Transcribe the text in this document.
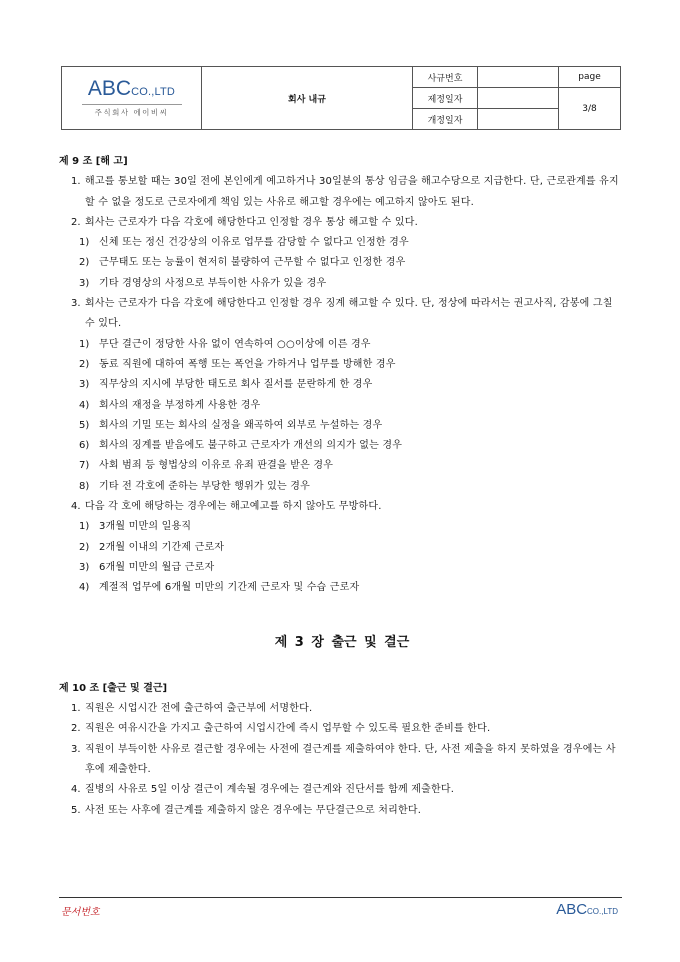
ABCCO.,LTD
주식회사 에이비씨	회사 내규	사규번호		page
		제정일자		3/8
		개정일자		

제 9 조 [해 고]

1. 해고를 통보할 때는 30일 전에 본인에게 예고하거나 30일분의 통상 임금을 해고수당으로 지급한다. 단, 근로관계를 유지할 수 없을 정도로 근로자에게 책임 있는 사유로 해고할 경우에는 예고하지 않아도 된다.
2. 회사는 근로자가 다음 각호에 해당한다고 인정할 경우 통상 해고할 수 있다.
1) 신체 또는 정신 건강상의 이유로 업무를 감당할 수 없다고 인정한 경우
2) 근무태도 또는 능률이 현저히 불량하여 근무할 수 없다고 인정한 경우
3) 기타 경영상의 사정으로 부득이한 사유가 있을 경우
3. 회사는 근로자가 다음 각호에 해당한다고 인정할 경우 징계 해고할 수 있다. 단, 정상에 따라서는 권고사직, 감봉에 그칠 수 있다.
1) 무단 결근이 정당한 사유 없이 연속하여 ○○이상에 이른 경우
2) 동료 직원에 대하여 폭행 또는 폭언을 가하거나 업무를 방해한 경우
3) 직무상의 지시에 부당한 태도로 회사 질서를 문란하게 한 경우
4) 회사의 재정을 부정하게 사용한 경우
5) 회사의 기밀 또는 회사의 실정을 왜곡하여 외부로 누설하는 경우
6) 회사의 징계를 받음에도 불구하고 근로자가 개선의 의지가 없는 경우
7) 사회 범죄 등 형법상의 이유로 유죄 판결을 받은 경우
8) 기타 전 각호에 준하는 부당한 행위가 있는 경우
4. 다음 각 호에 해당하는 경우에는 해고예고를 하지 않아도 무방하다.
1) 3개월 미만의 일용직
2) 2개월 이내의 기간제 근로자
3) 6개월 미만의 월급 근로자
4) 계절적 업무에 6개월 미만의 기간제 근로자 및 수습 근로자

제 3 장 출근 및 결근

제 10 조 [출근 및 결근]

1. 직원은 시업시간 전에 출근하여 출근부에 서명한다.
2. 직원은 여유시간을 가지고 출근하여 시업시간에 즉시 업무할 수 있도록 필요한 준비를 한다.
3. 직원이 부득이한 사유로 결근할 경우에는 사전에 결근계를 제출하여야 한다. 단, 사전 제출을 하지 못하였을 경우에는 사후에 제출한다.
4. 질병의 사유로 5일 이상 결근이 계속될 경우에는 결근계와 진단서를 함께 제출한다.
5. 사전 또는 사후에 결근계를 제출하지 않은 경우에는 무단결근으로 처리한다.
문서번호	ABCCO.,LTD
